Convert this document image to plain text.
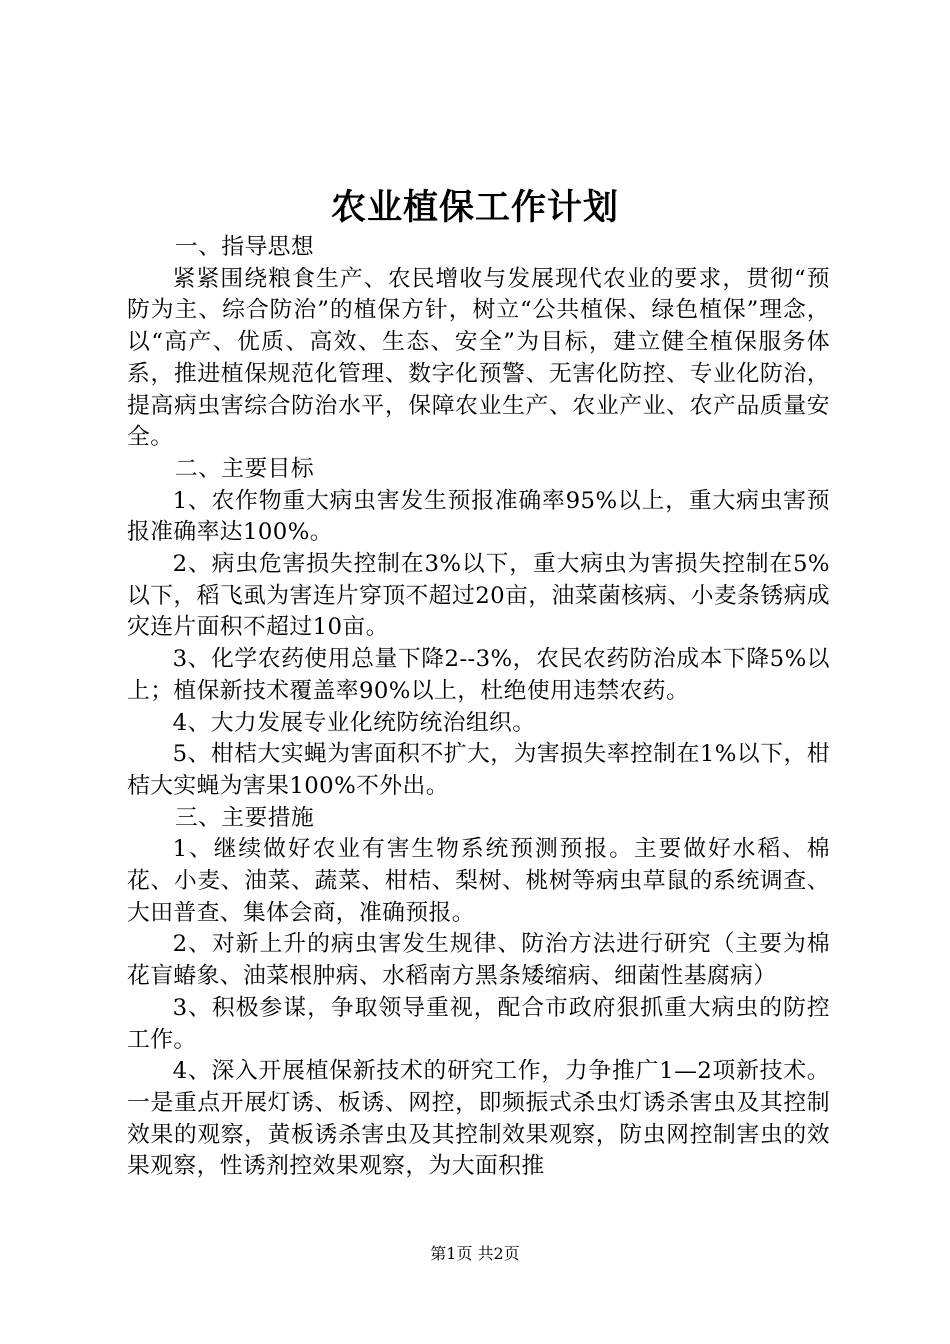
农业植保工作计划

一、指导思想

紧紧围绕粮食生产、农民增收与发展现代农业的要求，贯彻“预防为主、综合防治”的植保方针，树立“公共植保、绿色植保”理念，以“高产、优质、高效、生态、安全”为目标，建立健全植保服务体系，推进植保规范化管理、数字化预警、无害化防控、专业化防治，提高病虫害综合防治水平，保障农业生产、农业产业、农产品质量安全。

二、主要目标

1、农作物重大病虫害发生预报准确率95%以上，重大病虫害预报准确率达100%。

2、病虫危害损失控制在3%以下，重大病虫为害损失控制在5%以下，稻飞虱为害连片穿顶不超过20亩，油菜菌核病、小麦条锈病成灾连片面积不超过10亩。

3、化学农药使用总量下降2--3%，农民农药防治成本下降5%以上；植保新技术覆盖率90%以上，杜绝使用违禁农药。

4、大力发展专业化统防统治组织。

5、柑桔大实蝇为害面积不扩大，为害损失率控制在1%以下，柑桔大实蝇为害果100%不外出。

三、主要措施

1、继续做好农业有害生物系统预测预报。主要做好水稻、棉花、小麦、油菜、蔬菜、柑桔、梨树、桃树等病虫草鼠的系统调查、大田普查、集体会商，准确预报。

2、对新上升的病虫害发生规律、防治方法进行研究（主要为棉花盲蝽象、油菜根肿病、水稻南方黑条矮缩病、细菌性基腐病）

3、积极参谋，争取领导重视，配合市政府狠抓重大病虫的防控工作。

4、深入开展植保新技术的研究工作，力争推广1—2项新技术。一是重点开展灯诱、板诱、网控，即频振式杀虫灯诱杀害虫及其控制效果的观察，黄板诱杀害虫及其控制效果观察，防虫网控制害虫的效果观察，性诱剂控效果观察，为大面积推

第1页 共2页
